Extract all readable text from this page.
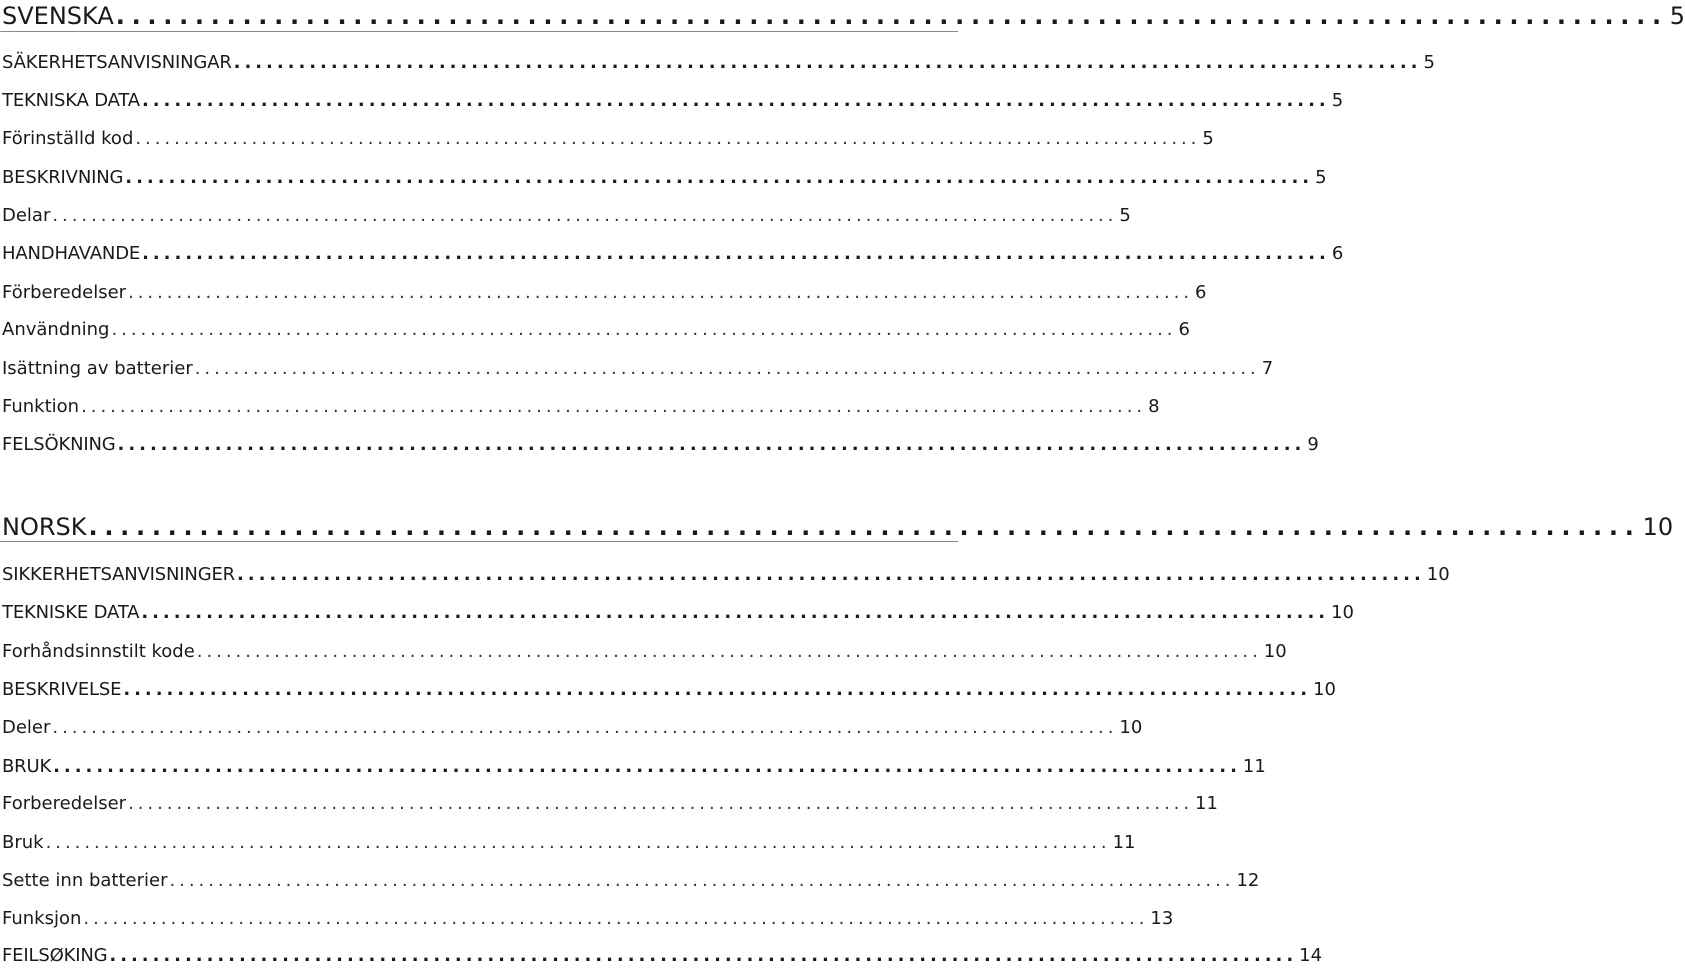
SVENSKA .................................................................................................. 5
SÄKERHETSANVISNINGAR .............................................................................................................. 5
TEKNISKA DATA .............................................................................................................. 5
Förinställd kod .............................................................................................................. 5
BESKRIVNING .............................................................................................................. 5
Delar .............................................................................................................. 5
HANDHAVANDE .............................................................................................................. 6
Förberedelser .............................................................................................................. 6
Användning .............................................................................................................. 6
Isättning av batterier .............................................................................................................. 7
Funktion .............................................................................................................. 8
FELSÖKNING .............................................................................................................. 9
NORSK .................................................................................................. 10
SIKKERHETSANVISNINGER .............................................................................................................. 10
TEKNISKE DATA .............................................................................................................. 10
Forhåndsinnstilt kode .............................................................................................................. 10
BESKRIVELSE .............................................................................................................. 10
Deler .............................................................................................................. 10
BRUK .............................................................................................................. 11
Forberedelser .............................................................................................................. 11
Bruk .............................................................................................................. 11
Sette inn batterier .............................................................................................................. 12
Funksjon .............................................................................................................. 13
FEILSØKING .............................................................................................................. 14
